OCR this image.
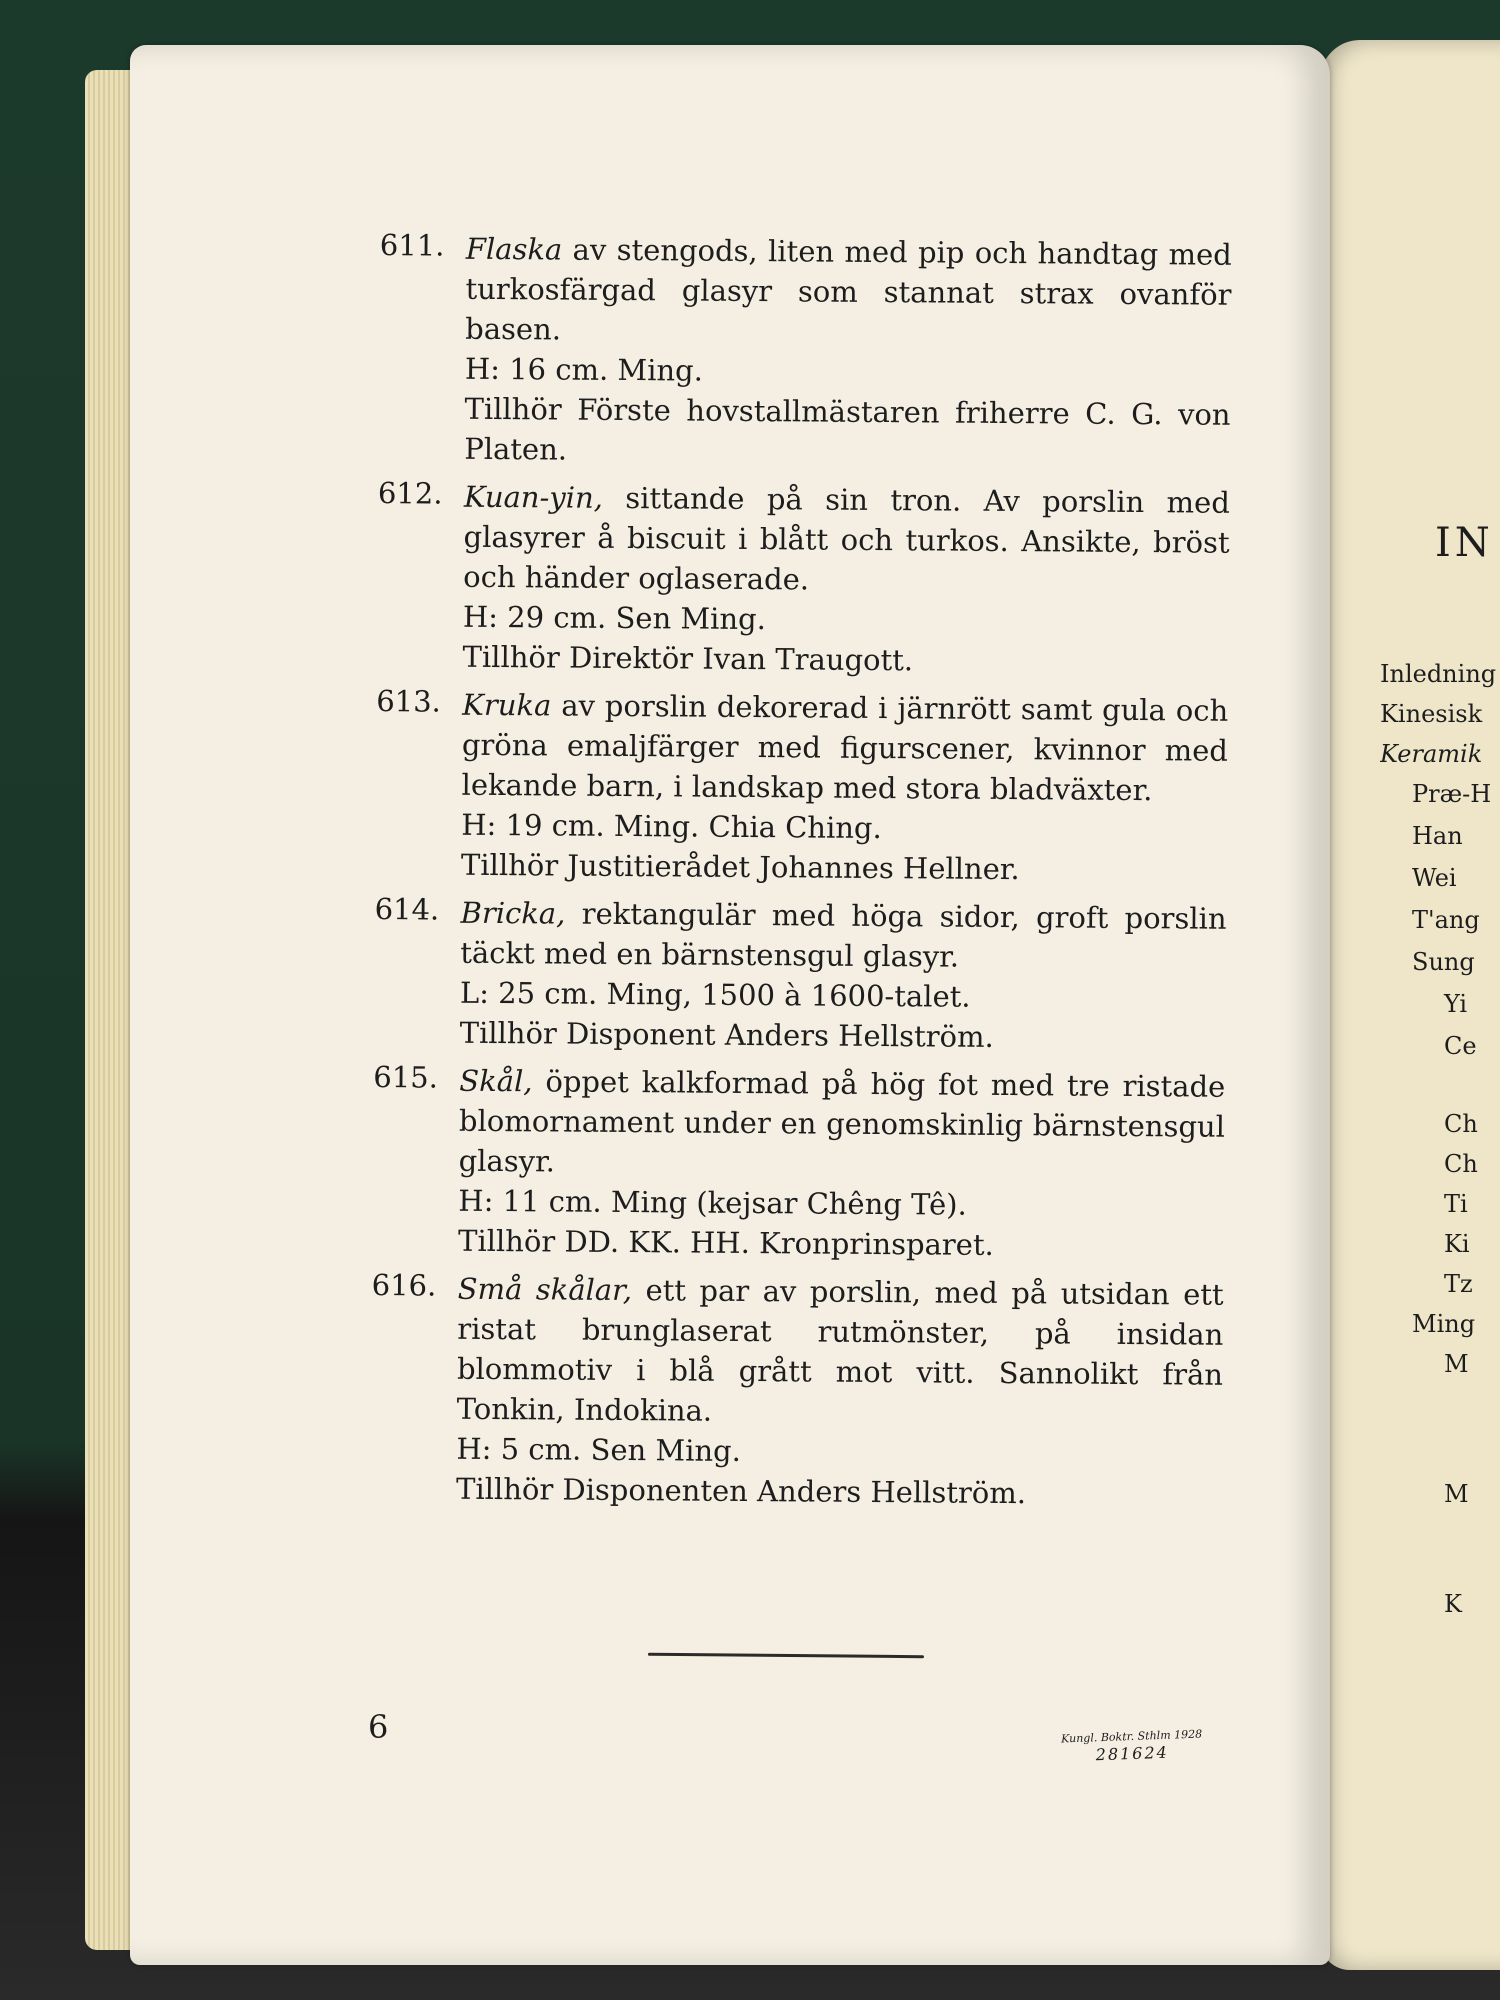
IN
Inledning
Kinesisk
Keramik
Præ-H
Han
Wei
T'ang
Sung
Yi
Ce
Ch
Ch
Ti
Ki
Tz
Ming
M
M
K
611. Flaska av stengods, liten med pip och handtag med turkosfärgad glasyr som stannat strax ovanför basen.
H: 16 cm. Ming.
Tillhör Förste hovstallmästaren friherre C. G. von Platen.
612. Kuan-yin, sittande på sin tron. Av porslin med glasyrer å biscuit i blått och turkos. Ansikte, bröst och händer oglaserade.
H: 29 cm. Sen Ming.
Tillhör Direktör Ivan Traugott.
613. Kruka av porslin dekorerad i järnrött samt gula och gröna emaljfärger med figurscener, kvinnor med lekande barn, i landskap med stora bladväxter.
H: 19 cm. Ming. Chia Ching.
Tillhör Justitierådet Johannes Hellner.
614. Bricka, rektangulär med höga sidor, groft porslin täckt med en bärnstensgul glasyr.
L: 25 cm. Ming, 1500 à 1600-talet.
Tillhör Disponent Anders Hellström.
615. Skål, öppet kalkformad på hög fot med tre ristade blomornament under en genomskinlig bärnstensgul glasyr.
H: 11 cm. Ming (kejsar Chêng Tê).
Tillhör DD. KK. HH. Kronprinsparet.
616. Små skålar, ett par av porslin, med på utsidan ett ristat brunglaserat rutmönster, på insidan blommotiv i blå grått mot vitt. Sannolikt från Tonkin, Indokina.
H: 5 cm. Sen Ming.
Tillhör Disponenten Anders Hellström.
6	Kungl. Boktr. Sthlm 1928
281624
